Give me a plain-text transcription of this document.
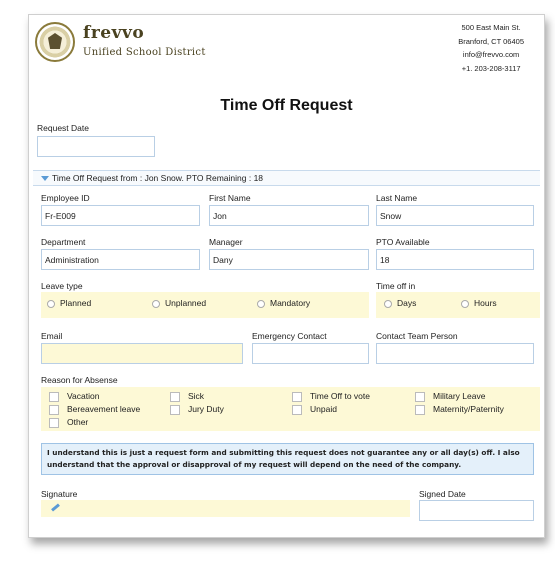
frevvo
Unified School District
500 East Main St.
Branford, CT 06405
info@frevvo.com
+1. 203-208-3117
Time Off Request
Request Date
Time Off Request from : Jon Snow. PTO Remaining : 18
Employee ID
Fr-E009
First Name
Jon
Last Name
Snow
Department
Administration
Manager
Dany
PTO Available
18
Leave type	Time off in
Planned	Unplanned	Mandatory	Days	Hours
Email	Emergency Contact	Contact Team Person
Reason for Absense
Vacation
Bereavement leave
Other
Sick
Jury Duty
Time Off to vote
Unpaid
Military Leave
Maternity/Paternity
I understand this is just a request form and submitting this request does not guarantee any or all day(s) off. I also understand that the approval or disapproval of my request will depend on the need of the company.
Signature	Signed Date
